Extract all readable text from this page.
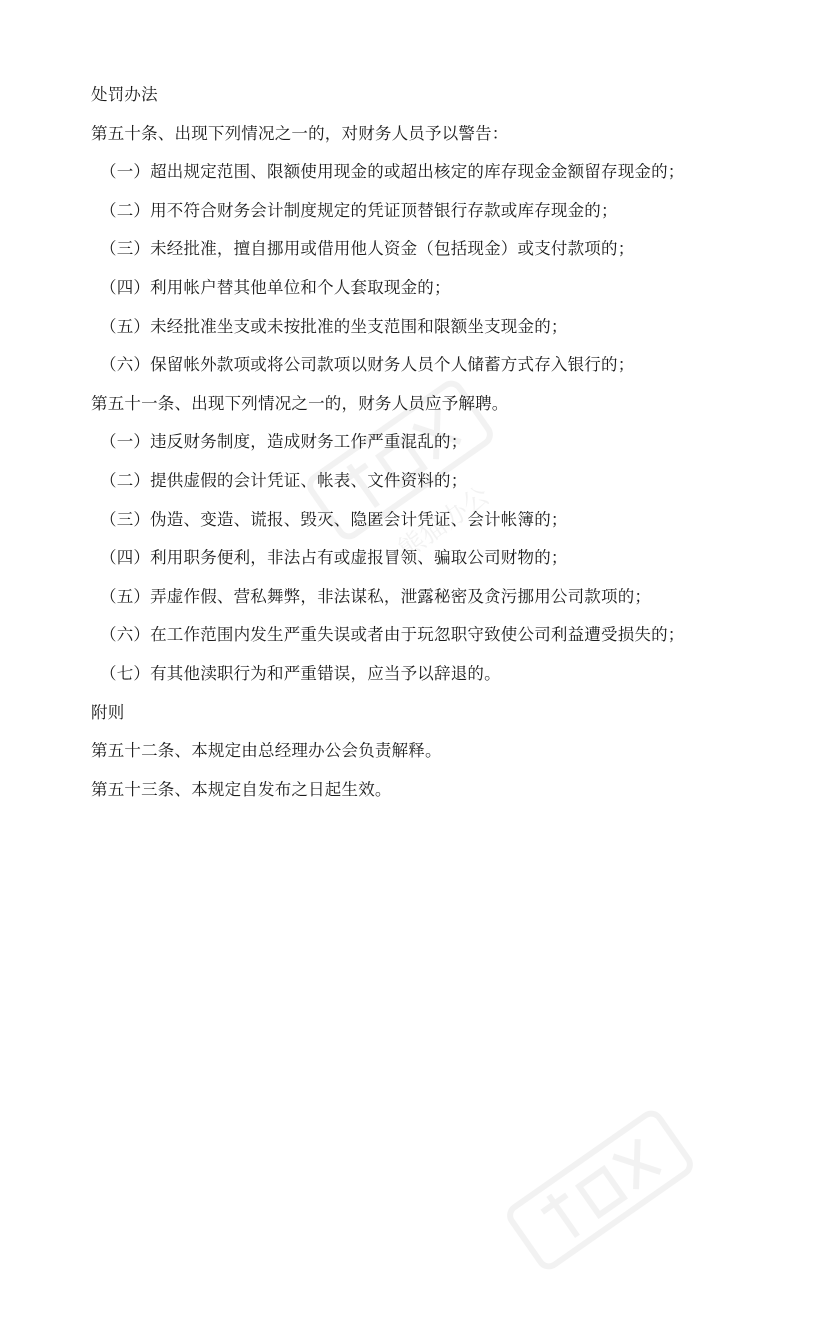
熊猫办公
处罚办法
第五十条、出现下列情况之一的，对财务人员予以警告：
（一）超出规定范围、限额使用现金的或超出核定的库存现金金额留存现金的；
（二）用不符合财务会计制度规定的凭证顶替银行存款或库存现金的；
（三）未经批准，擅自挪用或借用他人资金（包括现金）或支付款项的；
（四）利用帐户替其他单位和个人套取现金的；
（五）未经批准坐支或未按批准的坐支范围和限额坐支现金的；
（六）保留帐外款项或将公司款项以财务人员个人储蓄方式存入银行的；
第五十一条、出现下列情况之一的，财务人员应予解聘。
（一）违反财务制度，造成财务工作严重混乱的；
（二）提供虚假的会计凭证、帐表、文件资料的；
（三）伪造、变造、谎报、毁灭、隐匿会计凭证、会计帐簿的；
（四）利用职务便利，非法占有或虚报冒领、骗取公司财物的；
（五）弄虚作假、营私舞弊，非法谋私，泄露秘密及贪污挪用公司款项的；
（六）在工作范围内发生严重失误或者由于玩忽职守致使公司利益遭受损失的；
（七）有其他渎职行为和严重错误，应当予以辞退的。
附则
第五十二条、本规定由总经理办公会负责解释。
第五十三条、本规定自发布之日起生效。
